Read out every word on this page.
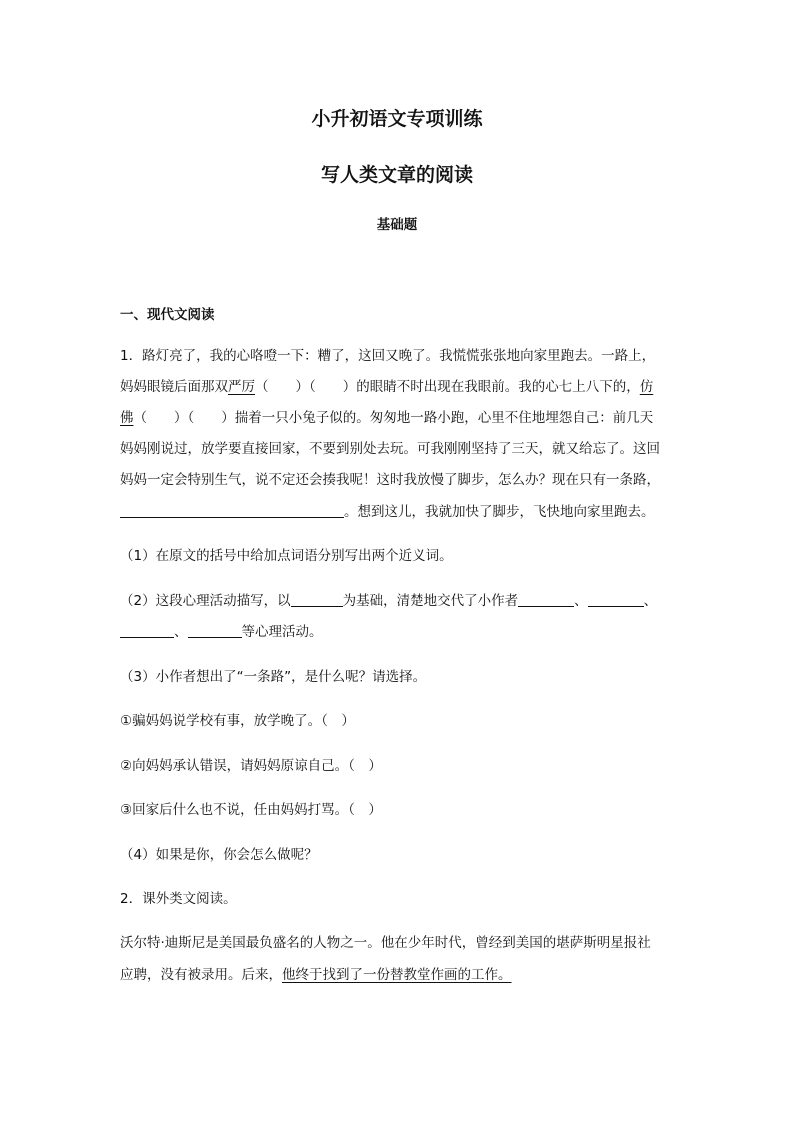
小升初语文专项训练
写人类文章的阅读
基础题
一、现代文阅读
1．路灯亮了，我的心咯噔一下：糟了，这回又晚了。我慌慌张张地向家里跑去。一路上，
妈妈眼镜后面那双严厉（　　）（　　）的眼睛不时出现在我眼前。我的心七上八下的，仿
佛（　　）（　　）揣着一只小兔子似的。匆匆地一路小跑，心里不住地埋怨自己：前几天
妈妈刚说过，放学要直接回家，不要到别处去玩。可我刚刚坚持了三天，就又给忘了。这回
妈妈一定会特别生气，说不定还会揍我呢！这时我放慢了脚步，怎么办？现在只有一条路，
。想到这儿，我就加快了脚步，飞快地向家里跑去。
（1）在原文的括号中给加点词语分别写出两个近义词。
（2）这段心理活动描写，以	为基础，清楚地交代了小作者	、	、
、	等心理活动。
（3）小作者想出了“一条路”，是什么呢？请选择。
①骗妈妈说学校有事，放学晚了。（　）
②向妈妈承认错误，请妈妈原谅自己。（　）
③回家后什么也不说，任由妈妈打骂。（　）
（4）如果是你，你会怎么做呢？
2．课外类文阅读。
沃尔特·迪斯尼是美国最负盛名的人物之一。他在少年时代，曾经到美国的堪萨斯明星报社
应聘，没有被录用。后来，他终于找到了一份替教堂作画的工作。
